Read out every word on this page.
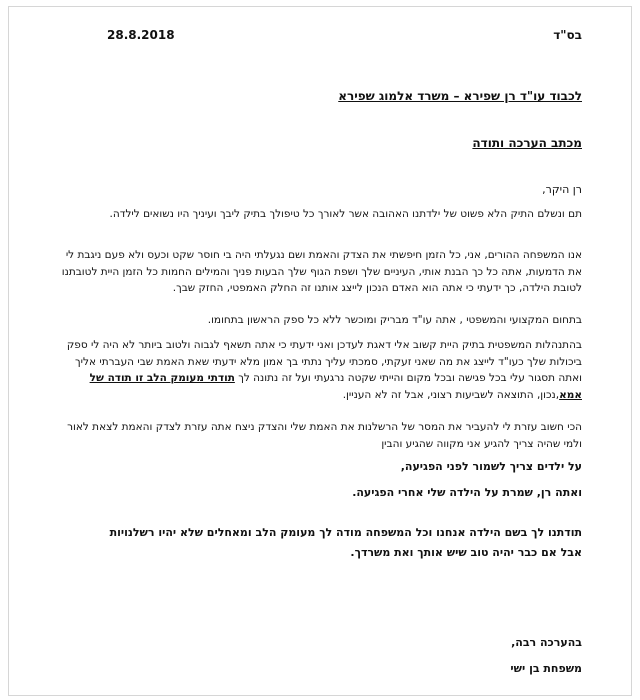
28.8.2018	בס"ד
לכבוד עו"ד רן שפירא – משרד אלמוג שפירא
מכתב הערכה ותודה
רן היקר,
תם ונשלם התיק הלא פשוט של ילדתנו האהובה אשר לאורך כל טיפולך בתיק ליבך ועיניך היו נשואים לילדה.
אנו המשפחה ההורים, אני, כל הזמן חיפשתי את הצדק והאמת ושם נגעלתי היה בי חוסר שקט וכעס ולא פעם ניגבת לי את הדמעות, אתה כל כך הבנת אותי, העיניים שלך ושפת הגוף שלך הבעות פניך והמילים החמות כל הזמן היית לטובתנו לטובת הילדה, כך ידעתי כי אתה הוא האדם הנכון לייצג אותנו זה החלק האמפטי, החזק שבך.
בתחום המקצועי והמשפטי , אתה עו"ד מבריק ומוכשר ללא כל ספק הראשון בתחומו.
בהתנהלות המשפטית בתיק היית קשוב אלי דאגת לעדכן ואני ידעתי כי אתה תשאף לגבוה ולטוב ביותר לא היה לי ספק ביכולות שלך כעו"ד לייצג את מה שאני זעקתי, סמכתי עליך נתתי בך אמון מלא ידעתי שאת האמת שבי העברתי אליך ואתה תסגור עלי בכל פגישה ובכל מקום והייתי שקטה נרגעתי ועל זה נתונה לך תודתי מעומק הלב זו תודה של אמא,נכון, התוצאה לשביעות רצוני, אבל זה לא העניין.
הכי חשוב עזרת לי להעביר את המסר של הרשלנות את האמת שלי והצדק ניצח אתה עזרת לצדק והאמת לצאת לאור ולמי שהיה צריך להגיע אני מקווה שהגיע והבין
על ילדים צריך לשמור לפני הפגיעה,
ואתה רן, שמרת על הילדה שלי אחרי הפגיעה.
תודתנו לך בשם הילדה אנחנו וכל המשפחה מודה לך מעומק הלב ומאחלים שלא יהיו רשלנויות
אבל אם כבר יהיה טוב שיש אותך ואת משרדך.
בהערכה רבה,
משפחת בן ישי
